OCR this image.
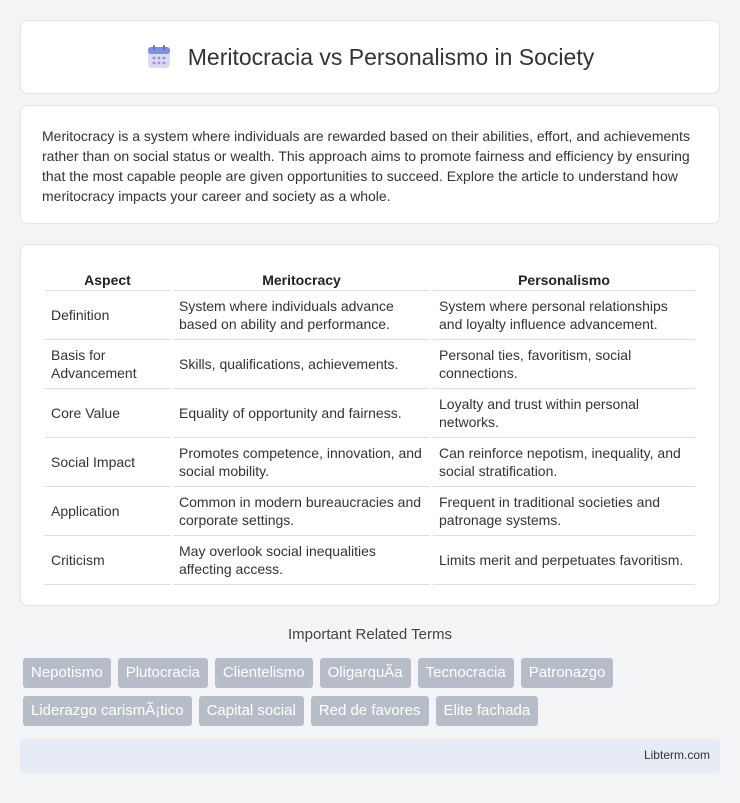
Meritocracia vs Personalismo in Society

Meritocracy is a system where individuals are rewarded based on their abilities, effort, and achievements rather than on social status or wealth. This approach aims to promote fairness and efficiency by ensuring that the most capable people are given opportunities to succeed. Explore the article to understand how meritocracy impacts your career and society as a whole.

Aspect	Meritocracy	Personalismo
Definition	System where individuals advance based on ability and performance.	System where personal relationships and loyalty influence advancement.
Basis for Advancement	Skills, qualifications, achievements.	Personal ties, favoritism, social connections.
Core Value	Equality of opportunity and fairness.	Loyalty and trust within personal networks.
Social Impact	Promotes competence, innovation, and social mobility.	Can reinforce nepotism, inequality, and social stratification.
Application	Common in modern bureaucracies and corporate settings.	Frequent in traditional societies and patronage systems.
Criticism	May overlook social inequalities affecting access.	Limits merit and perpetuates favoritism.
Important Related Terms
Nepotismo	Plutocracia	Clientelismo	OligarquÃa	Tecnocracia	Patronazgo
Liderazgo carismÃ¡tico	Capital social	Red de favores	Elite fachada
Libterm.com
